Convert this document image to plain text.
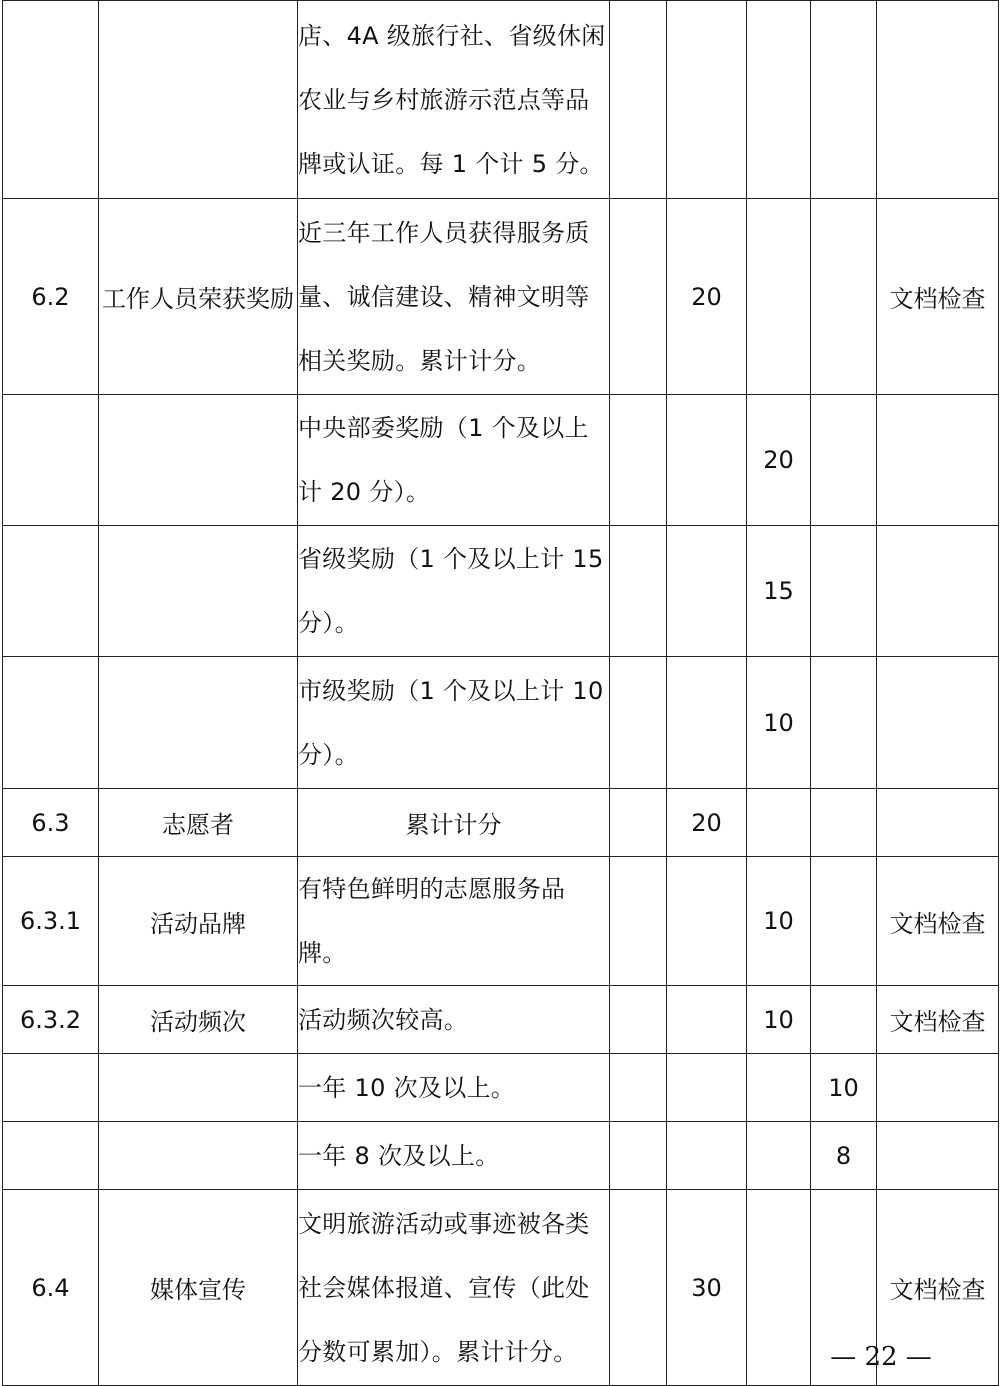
		店、4A 级旅行社、省级休闲农业与乡村旅游示范点等品牌或认证。每 1 个计 5 分。					
6.2	工作人员荣获奖励	近三年工作人员获得服务质量、诚信建设、精神文明等相关奖励。累计计分。		20			文档检查
		中央部委奖励（1 个及以上计 20 分）。			20		
		省级奖励（1 个及以上计 15 分）。			15		
		市级奖励（1 个及以上计 10 分）。			10		
6.3	志愿者	累计计分		20			
6.3.1	活动品牌	有特色鲜明的志愿服务品牌。			10		文档检查
6.3.2	活动频次	活动频次较高。			10		文档检查
		一年 10 次及以上。				10	
		一年 8 次及以上。				8	
6.4	媒体宣传	文明旅游活动或事迹被各类社会媒体报道、宣传（此处分数可累加）。累计计分。		30			文档检查
— 22 —
